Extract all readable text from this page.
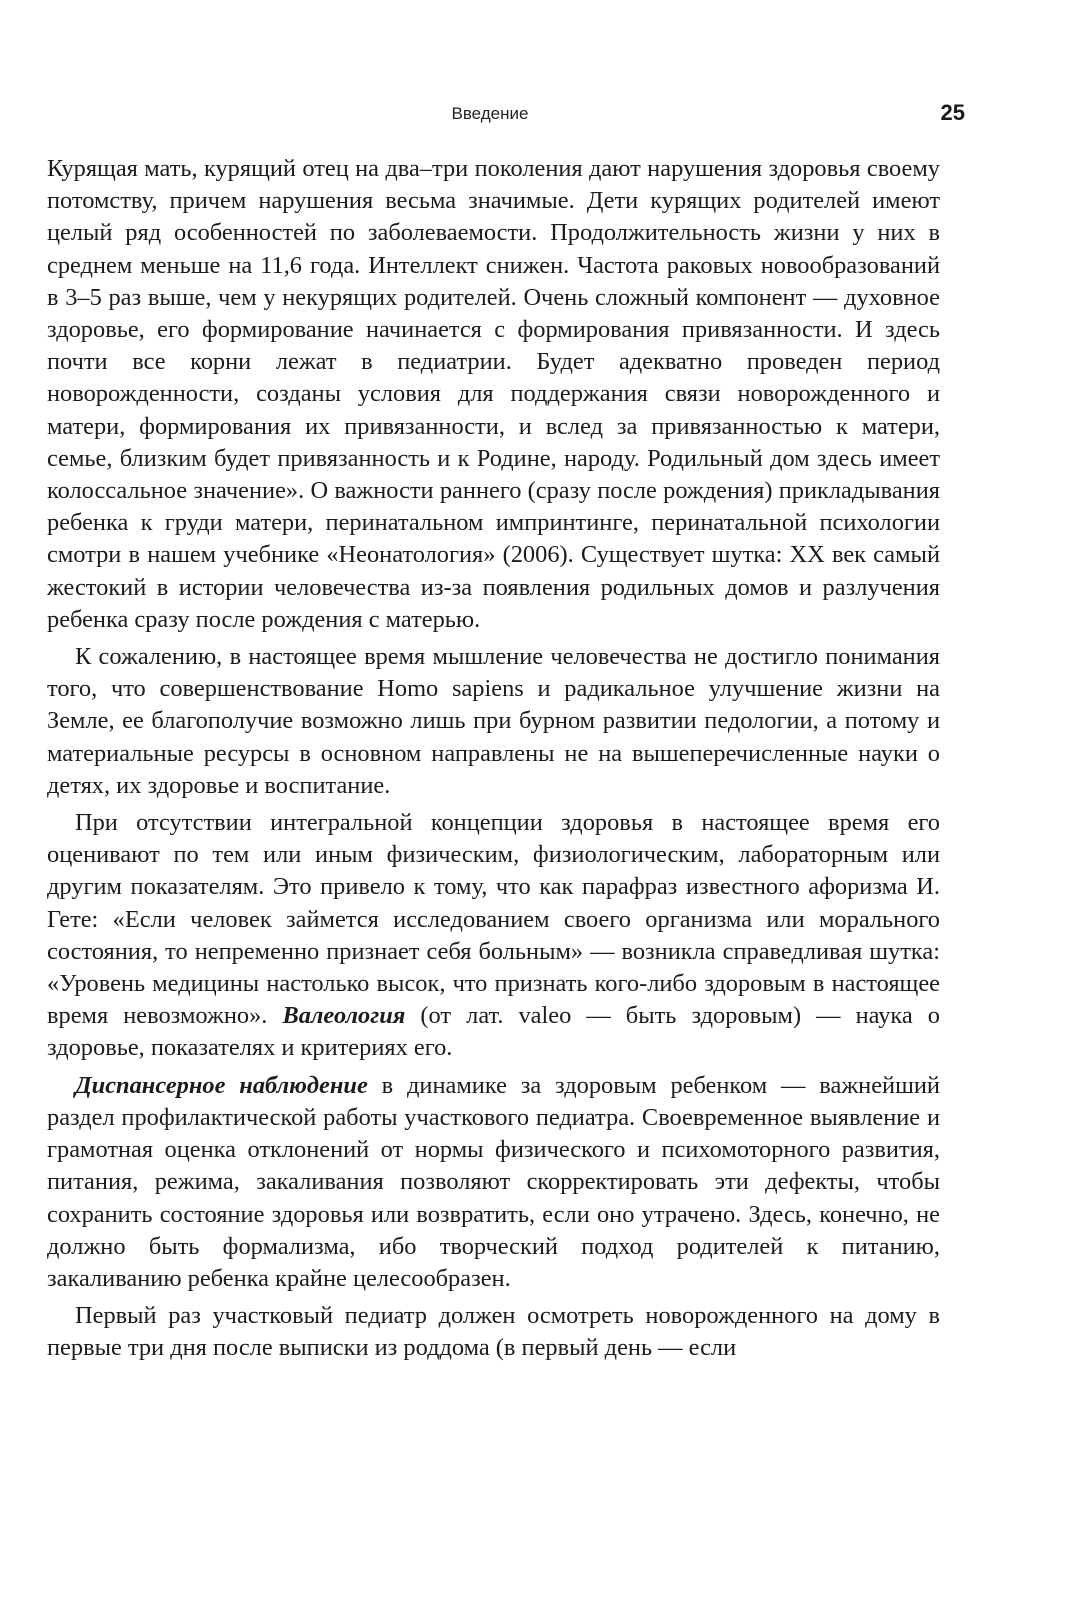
Введение	25

Курящая мать, курящий отец на два–три поколения дают нарушения здоровья своему потомству, причем нарушения весьма значимые. Дети курящих родителей имеют целый ряд особенностей по заболеваемости. Продолжительность жизни у них в среднем меньше на 11,6 года. Интеллект снижен. Частота раковых новообразований в 3–5 раз выше, чем у некурящих родителей. Очень сложный компонент — духовное здоровье, его формирование начинается с формирования привязанности. И здесь почти все корни лежат в педиатрии. Будет адекватно проведен период новорожденности, созданы условия для поддержания связи новорожденного и матери, формирования их привязанности, и вслед за привязанностью к матери, семье, близким будет привязанность и к Родине, народу. Родильный дом здесь имеет колоссальное значение». О важности раннего (сразу после рождения) прикладывания ребенка к груди матери, перинатальном импринтинге, перинатальной психологии смотри в нашем учебнике «Неонатология» (2006). Существует шутка: XX век самый жестокий в истории человечества из-за появления родильных домов и разлучения ребенка сразу после рождения с матерью.

К сожалению, в настоящее время мышление человечества не достигло понимания того, что совершенствование Homo sapiens и радикальное улучшение жизни на Земле, ее благополучие возможно лишь при бурном развитии педологии, а потому и материальные ресурсы в основном направлены не на вышеперечисленные науки о детях, их здоровье и воспитание.

При отсутствии интегральной концепции здоровья в настоящее время его оценивают по тем или иным физическим, физиологическим, лабораторным или другим показателям. Это привело к тому, что как парафраз известного афоризма И. Гете: «Если человек займется исследованием своего организма или морального состояния, то непременно признает себя больным» — возникла справедливая шутка: «Уровень медицины настолько высок, что признать кого-либо здоровым в настоящее время невозможно». Валеология (от лат. valeo — быть здоровым) — наука о здоровье, показателях и критериях его.

Диспансерное наблюдение в динамике за здоровым ребенком — важнейший раздел профилактической работы участкового педиатра. Своевременное выявление и грамотная оценка отклонений от нормы физического и психомоторного развития, питания, режима, закаливания позволяют скорректировать эти дефекты, чтобы сохранить состояние здоровья или возвратить, если оно утрачено. Здесь, конечно, не должно быть формализма, ибо творческий подход родителей к питанию, закаливанию ребенка крайне целесообразен.

Первый раз участковый педиатр должен осмотреть новорожденного на дому в первые три дня после выписки из роддома (в первый день — если
